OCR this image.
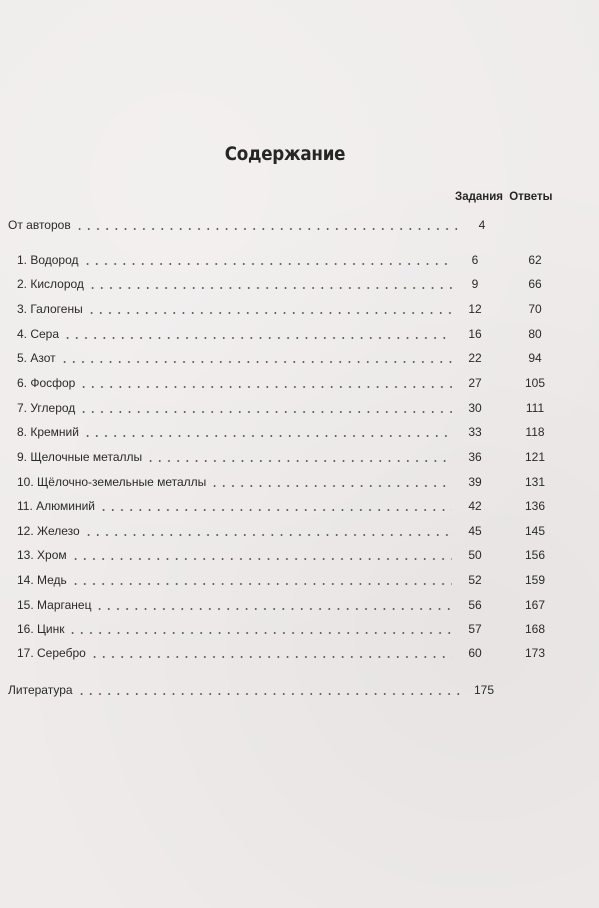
Содержание
Задания Ответы
От авторов	4
1. Водород	6	62
2. Кислород	9	66
3. Галогены	12	70
4. Сера	16	80
5. Азот	22	94
6. Фосфор	27	105
7. Углерод	30	111
8. Кремний	33	118
9. Щелочные металлы	36	121
10. Щёлочно-земельные металлы	39	131
11. Алюминий	42	136
12. Железо	45	145
13. Хром	50	156
14. Медь	52	159
15. Марганец	56	167
16. Цинк	57	168
17. Серебро	60	173
Литература	175
